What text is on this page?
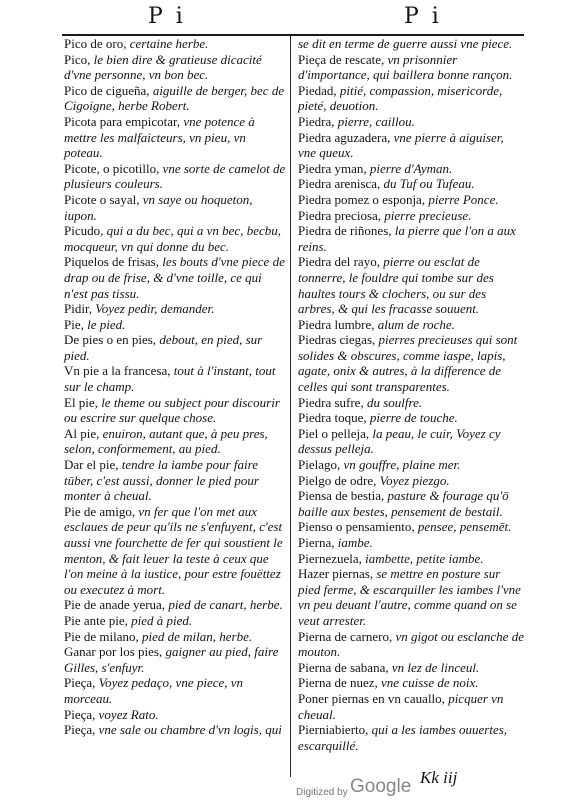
P i	P i
Pico de oro, certaine herbe.
Pico, le bien dire & gratieuse dicacité d'vne personne, vn bon bec.
Pico de cigueña, aiguille de berger, bec de Cigoigne, herbe Robert.
Picota para empicotar, vne potence à mettre les malfaicteurs, vn pieu, vn poteau.
Picote, o picotillo, vne sorte de camelot de plusieurs couleurs.
Picote o sayal, vn saye ou hoqueton, iupon.
Picudo, qui a du bec, qui a vn bec, becbu, mocqueur, vn qui donne du bec.
Piquelos de frisas, les bouts d'vne piece de drap ou de frise, & d'vne toille, ce qui n'est pas tissu.
Pidir, Voyez pedir, demander.
Pie, le pied.
De pies o en pies, debout, en pied, sur pied.
Vn pie a la francesa, tout à l'instant, tout sur le champ.
El pie, le theme ou subject pour discourir ou escrire sur quelque chose.
Al pie, enuiron, autant que, à peu pres, selon, conformement, au pied.
Dar el pie, tendre la iambe pour faire tūber, c'est aussi, donner le pied pour monter à cheual.
Pie de amigo, vn fer que l'on met aux esclaues de peur qu'ils ne s'enfuyent, c'est aussi vne fourchette de fer qui soustient le menton, & fait leuer la teste à ceux que l'on meine à la iustice, pour estre fouëttez ou executez à mort.
Pie de anade yerua, pied de canart, herbe.
Pie ante pie, pied à pied.
Pie de milano, pied de milan, herbe.
Ganar por los pies, gaigner au pied, faire Gilles, s'enfuyr.
Pieça, Voyez pedaço, vne piece, vn morceau.
Pieça, voyez Rato.
Pieça, vne sale ou chambre d'vn logis, qui
se dit en terme de guerre aussi vne piece.
Pieça de rescate, vn prisonnier d'importance, qui baillera bonne rançon.
Piedad, pitié, compassion, misericorde, pieté, deuotion.
Piedra, pierre, caillou.
Piedra aguzadera, vne pierre à aiguiser, vne queux.
Piedra yman, pierre d'Ayman.
Piedra arenisca, du Tuf ou Tufeau.
Piedra pomez o esponja, pierre Ponce.
Piedra preciosa, pierre precieuse.
Piedra de riñones, la pierre que l'on a aux reins.
Piedra del rayo, pierre ou esclat de tonnerre, le fouldre qui tombe sur des haultes tours & clochers, ou sur des arbres, & qui les fracasse souuent.
Piedra lumbre, alum de roche.
Piedras ciegas, pierres precieuses qui sont solides & obscures, comme iaspe, lapis, agate, onix & autres, à la difference de celles qui sont transparentes.
Piedra sufre, du soulfre.
Piedra toque, pierre de touche.
Piel o pelleja, la peau, le cuir, Voyez cy dessus pelleja.
Pielago, vn gouffre, plaine mer.
Pielgo de odre, Voyez piezgo.
Piensa de bestia, pasture & fourage qu'ō baille aux bestes, pensement de bestail.
Pienso o pensamiento, pensee, pensemēt.
Pierna, iambe.
Piernezuela, iambette, petite iambe.
Hazer piernas, se mettre en posture sur pied ferme, & escarquiller les iambes l'vne vn peu deuant l'autre, comme quand on se veut arrester.
Pierna de carnero, vn gigot ou esclanche de mouton.
Pierna de sabana, vn lez de linceul.
Pierna de nuez, vne cuisse de noix.
Poner piernas en vn cauallo, picquer vn cheual.
Pierniabierto, qui a les iambes ouuertes, escarquillé.
Kk iij
Digitized by Google
